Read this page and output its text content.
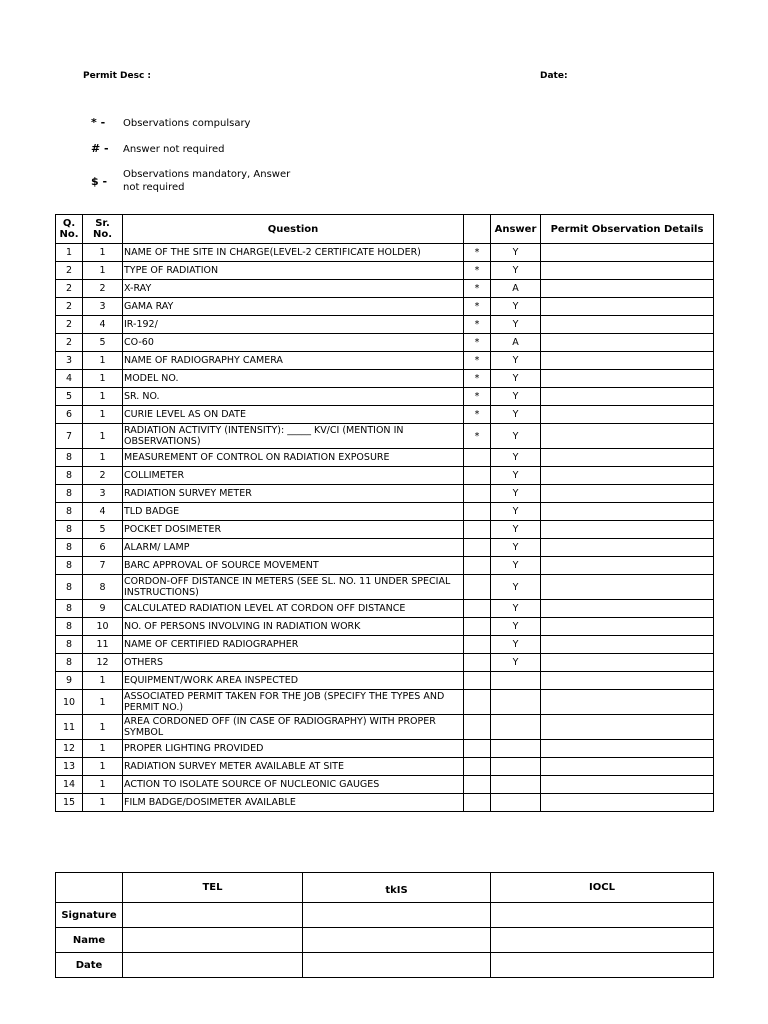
Permit Desc :	Date:
* - Observations compulsary
# - Answer not required
$ -
Observations mandatory, Answer not required
Q. No.	Sr. No.	Question		Answer	Permit Observation Details
1	1	NAME OF THE SITE IN CHARGE(LEVEL-2 CERTIFICATE HOLDER)	*	Y	
2	1	TYPE OF RADIATION	*	Y	
2	2	X-RAY	*	A	
2	3	GAMA RAY	*	Y	
2	4	IR-192/	*	Y	
2	5	CO-60	*	A	
3	1	NAME OF RADIOGRAPHY CAMERA	*	Y	
4	1	MODEL NO.	*	Y	
5	1	SR. NO.	*	Y	
6	1	CURIE LEVEL AS ON DATE	*	Y	
7	1	RADIATION ACTIVITY (INTENSITY): _____ KV/CI (MENTION IN OBSERVATIONS)	*	Y	
8	1	MEASUREMENT OF CONTROL ON RADIATION EXPOSURE		Y	
8	2	COLLIMETER		Y	
8	3	RADIATION SURVEY METER		Y	
8	4	TLD BADGE		Y	
8	5	POCKET DOSIMETER		Y	
8	6	ALARM/ LAMP		Y	
8	7	BARC APPROVAL OF SOURCE MOVEMENT		Y	
8	8	CORDON-OFF DISTANCE IN METERS (SEE SL. NO. 11 UNDER SPECIAL INSTRUCTIONS)		Y	
8	9	CALCULATED RADIATION LEVEL AT CORDON OFF DISTANCE		Y	
8	10	NO. OF PERSONS INVOLVING IN RADIATION WORK		Y	
8	11	NAME OF CERTIFIED RADIOGRAPHER		Y	
8	12	OTHERS		Y	
9	1	EQUIPMENT/WORK AREA INSPECTED			
10	1	ASSOCIATED PERMIT TAKEN FOR THE JOB (SPECIFY THE TYPES AND PERMIT NO.)			
11	1	AREA CORDONED OFF (IN CASE OF RADIOGRAPHY) WITH PROPER SYMBOL			
12	1	PROPER LIGHTING PROVIDED			
13	1	RADIATION SURVEY METER AVAILABLE AT SITE			
14	1	ACTION TO ISOLATE SOURCE OF NUCLEONIC GAUGES			
15	1	FILM BADGE/DOSIMETER AVAILABLE			
	TEL	tkIS	IOCL
Signature			
Name			
Date			
